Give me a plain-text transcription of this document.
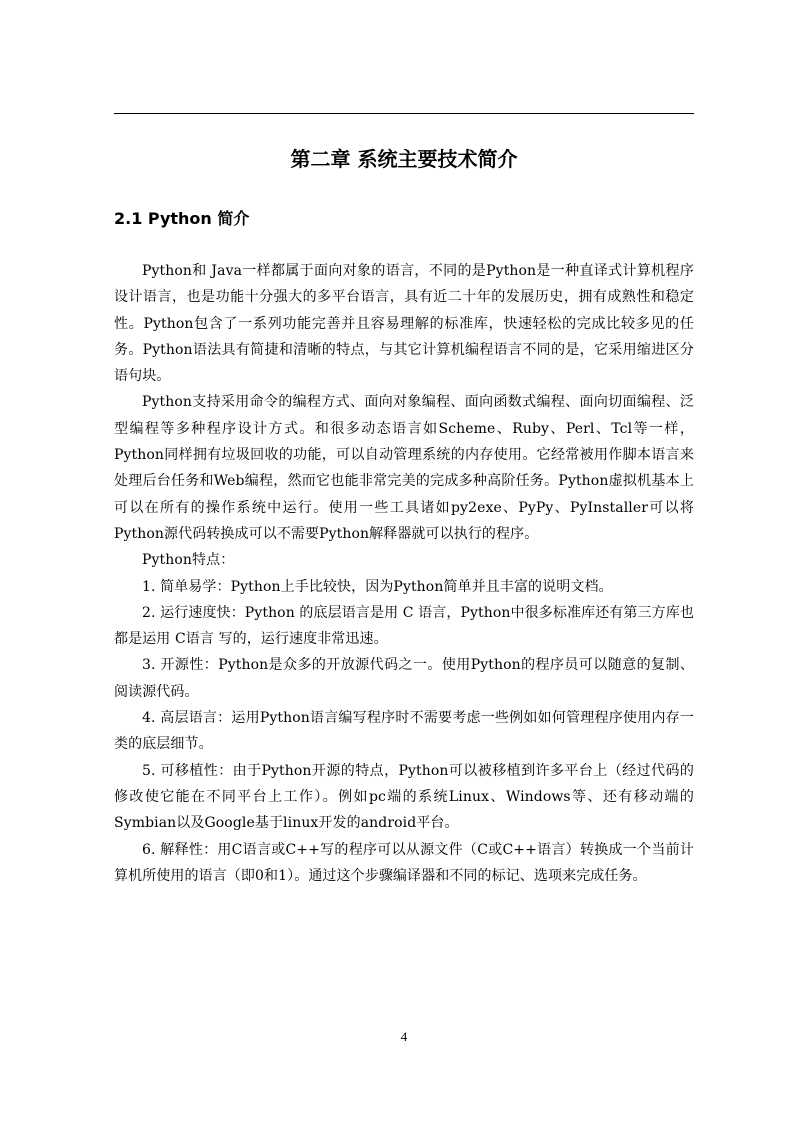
第二章 系统主要技术简介
2.1 Python 简介

Python和 Java一样都属于面向对象的语言，不同的是Python是一种直译式计算机程序设计语言，也是功能十分强大的多平台语言，具有近二十年的发展历史，拥有成熟性和稳定性。Python包含了一系列功能完善并且容易理解的标准库，快速轻松的完成比较多见的任务。Python语法具有简捷和清晰的特点，与其它计算机编程语言不同的是，它采用缩进区分语句块。

Python支持采用命令的编程方式、面向对象编程、面向函数式编程、面向切面编程、泛型编程等多种程序设计方式。和很多动态语言如Scheme、Ruby、Perl、Tcl等一样，Python同样拥有垃圾回收的功能，可以自动管理系统的内存使用。它经常被用作脚本语言来处理后台任务和Web编程，然而它也能非常完美的完成多种高阶任务。Python虚拟机基本上可以在所有的操作系统中运行。使用一些工具诸如py2exe、PyPy、PyInstaller可以将Python源代码转换成可以不需要Python解释器就可以执行的程序。

Python特点：

1. 简单易学：Python上手比较快，因为Python简单并且丰富的说明文档。

2. 运行速度快：Python 的底层语言是用 C 语言，Python中很多标准库还有第三方库也都是运用 C语言 写的，运行速度非常迅速。

3. 开源性：Python是众多的开放源代码之一。使用Python的程序员可以随意的复制、阅读源代码。

4. 高层语言：运用Python语言编写程序时不需要考虑一些例如如何管理程序使用内存一类的底层细节。

5. 可移植性：由于Python开源的特点，Python可以被移植到许多平台上（经过代码的修改使它能在不同平台上工作）。例如pc端的系统Linux、Windows等、还有移动端的Symbian以及Google基于linux开发的android平台。

6. 解释性：用C语言或C++写的程序可以从源文件（C或C++语言）转换成一个当前计算机所使用的语言（即0和1）。通过这个步骤编译器和不同的标记、选项来完成任务。

4
